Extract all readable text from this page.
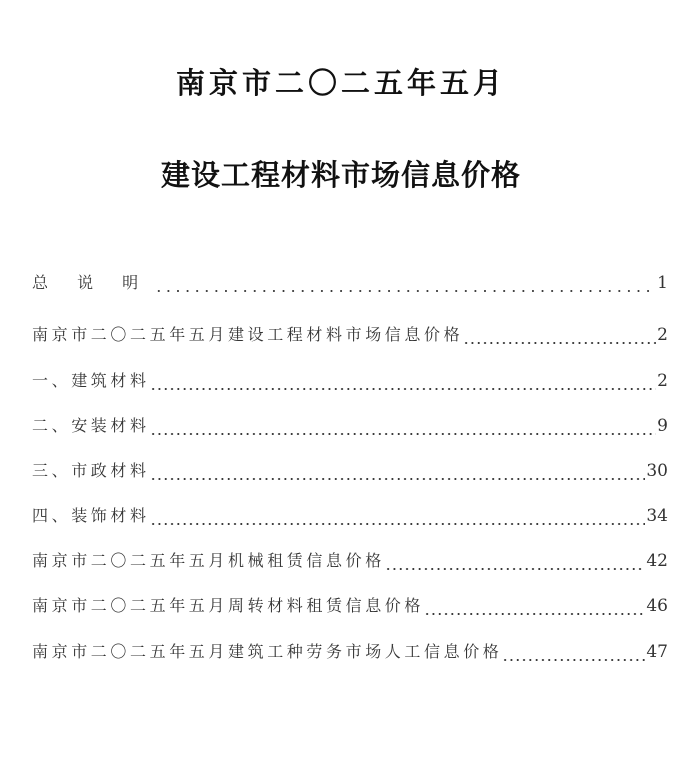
南京市二〇二五年五月
建设工程材料市场信息价格
总 说 明	1
南京市二〇二五年五月建设工程材料市场信息价格	2
一、建筑材料	2
二、安装材料	9
三、市政材料	30
四、装饰材料	34
南京市二〇二五年五月机械租赁信息价格	42
南京市二〇二五年五月周转材料租赁信息价格	46
南京市二〇二五年五月建筑工种劳务市场人工信息价格	47
